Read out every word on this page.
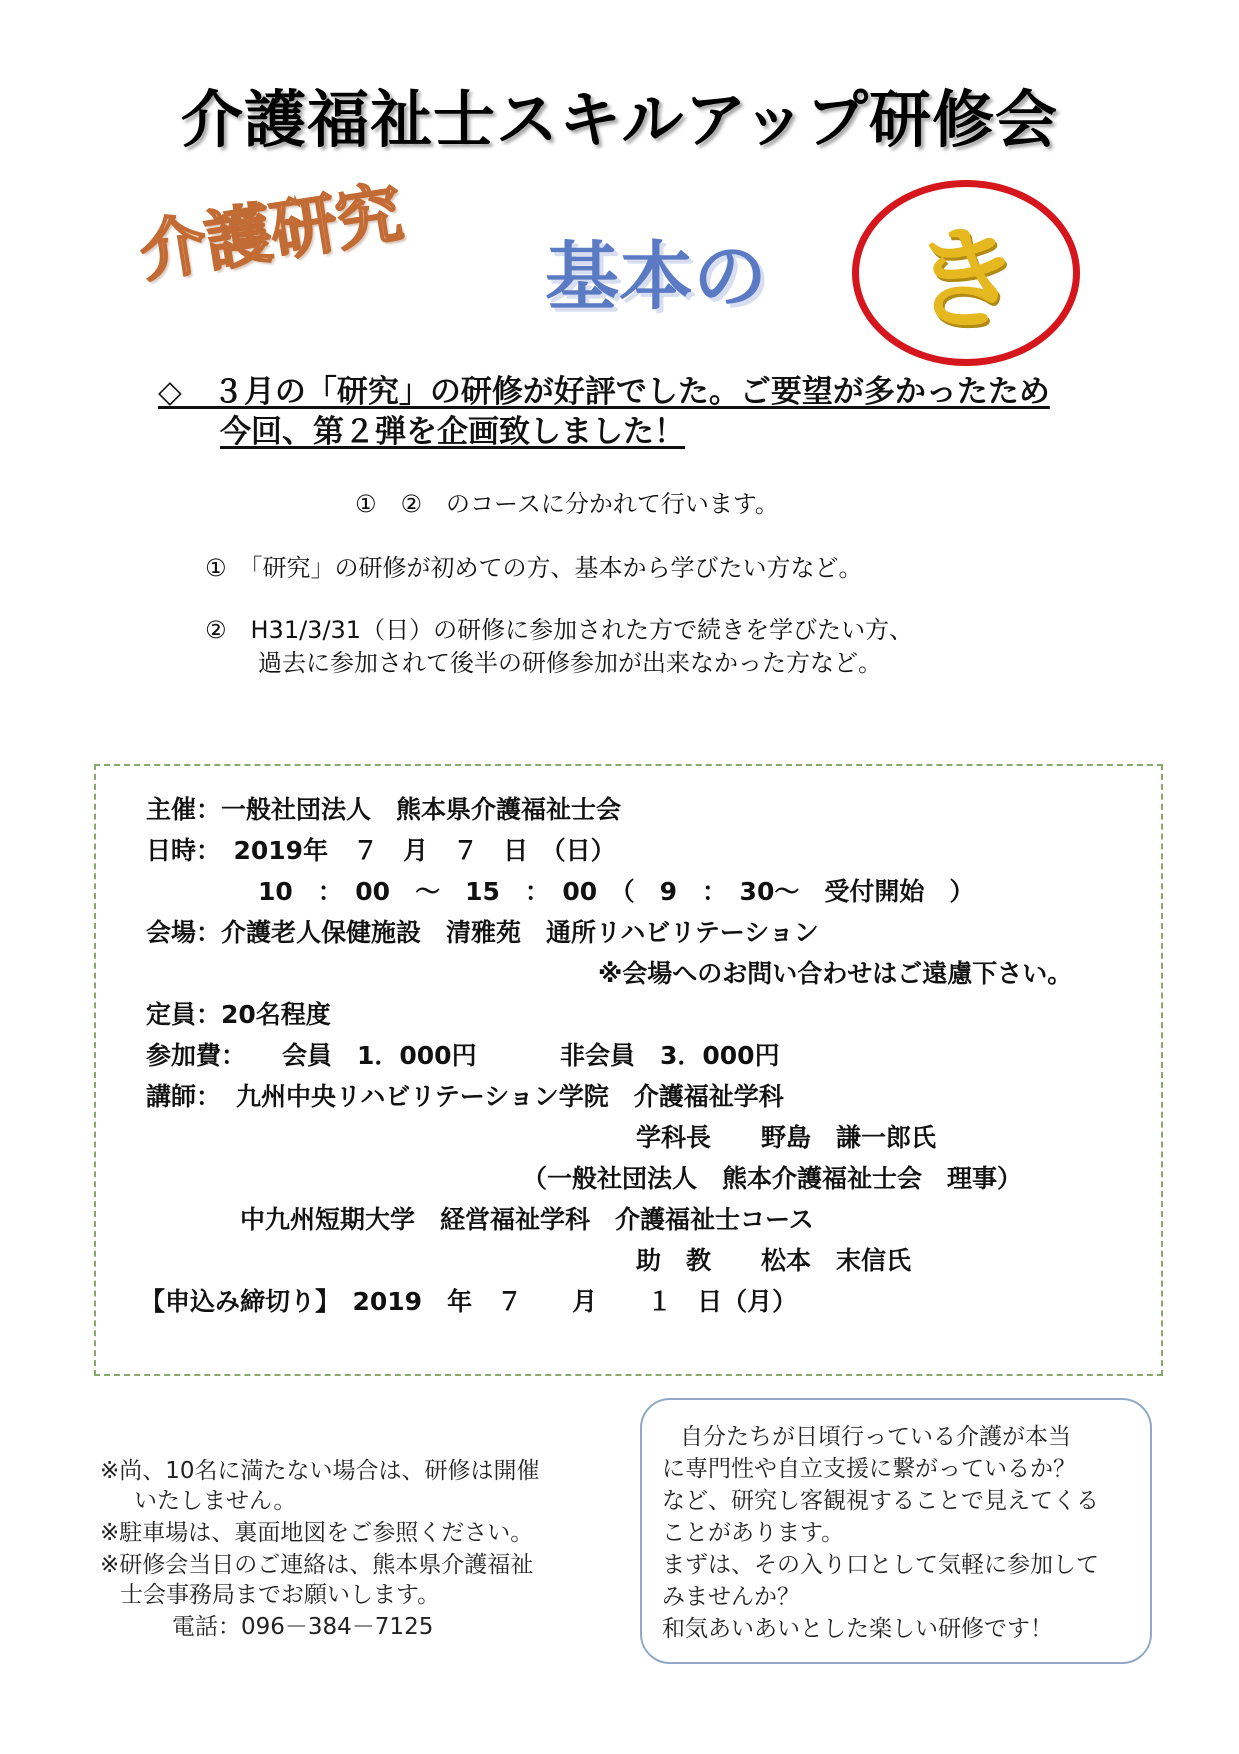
介護福祉士スキルアップ研修会
介護研究 基本の	き
◇　３月の「研究」の研修が好評でした。ご要望が多かったため
今回、第２弾を企画致しました！
①　②　のコースに分かれて行います。
①　「研究」の研修が初めての方、基本から学びたい方など。
②　H31/3/31（日）の研修に参加された方で続きを学びたい方、
過去に参加されて後半の研修参加が出来なかった方など。
主催：一般社団法人　熊本県介護福祉士会
日時：　2019年　７　月　７　日　（日）
10　：　00　～　15　：　00　（　9　：　30～　受付開始　）
会場：介護老人保健施設　清雅苑　通所リハビリテーション
※会場へのお問い合わせはご遠慮下さい。
定員：20名程度
参加費： 会員　1．000円	非会員　3．000円
講師： 九州中央リハビリテーション学院　介護福祉学科
学科長　　野島　謙一郎氏
（一般社団法人　熊本介護福祉士会　理事）
中九州短期大学　経営福祉学科　介護福祉士コース
助　教　　松本　末信氏
【申込み締切り】　2019　年　７　　月　　１　日（月）
※尚、10名に満たない場合は、研修は開催
いたしません。
※駐車場は、裏面地図をご参照ください。
※研修会当日のご連絡は、熊本県介護福祉
士会事務局までお願いします。
電話：096－384－7125
自分たちが日頃行っている介護が本当
に専門性や自立支援に繋がっているか？
など、研究し客観視することで見えてくる
ことがあります。
まずは、その入り口として気軽に参加して
みませんか？
和気あいあいとした楽しい研修です！
